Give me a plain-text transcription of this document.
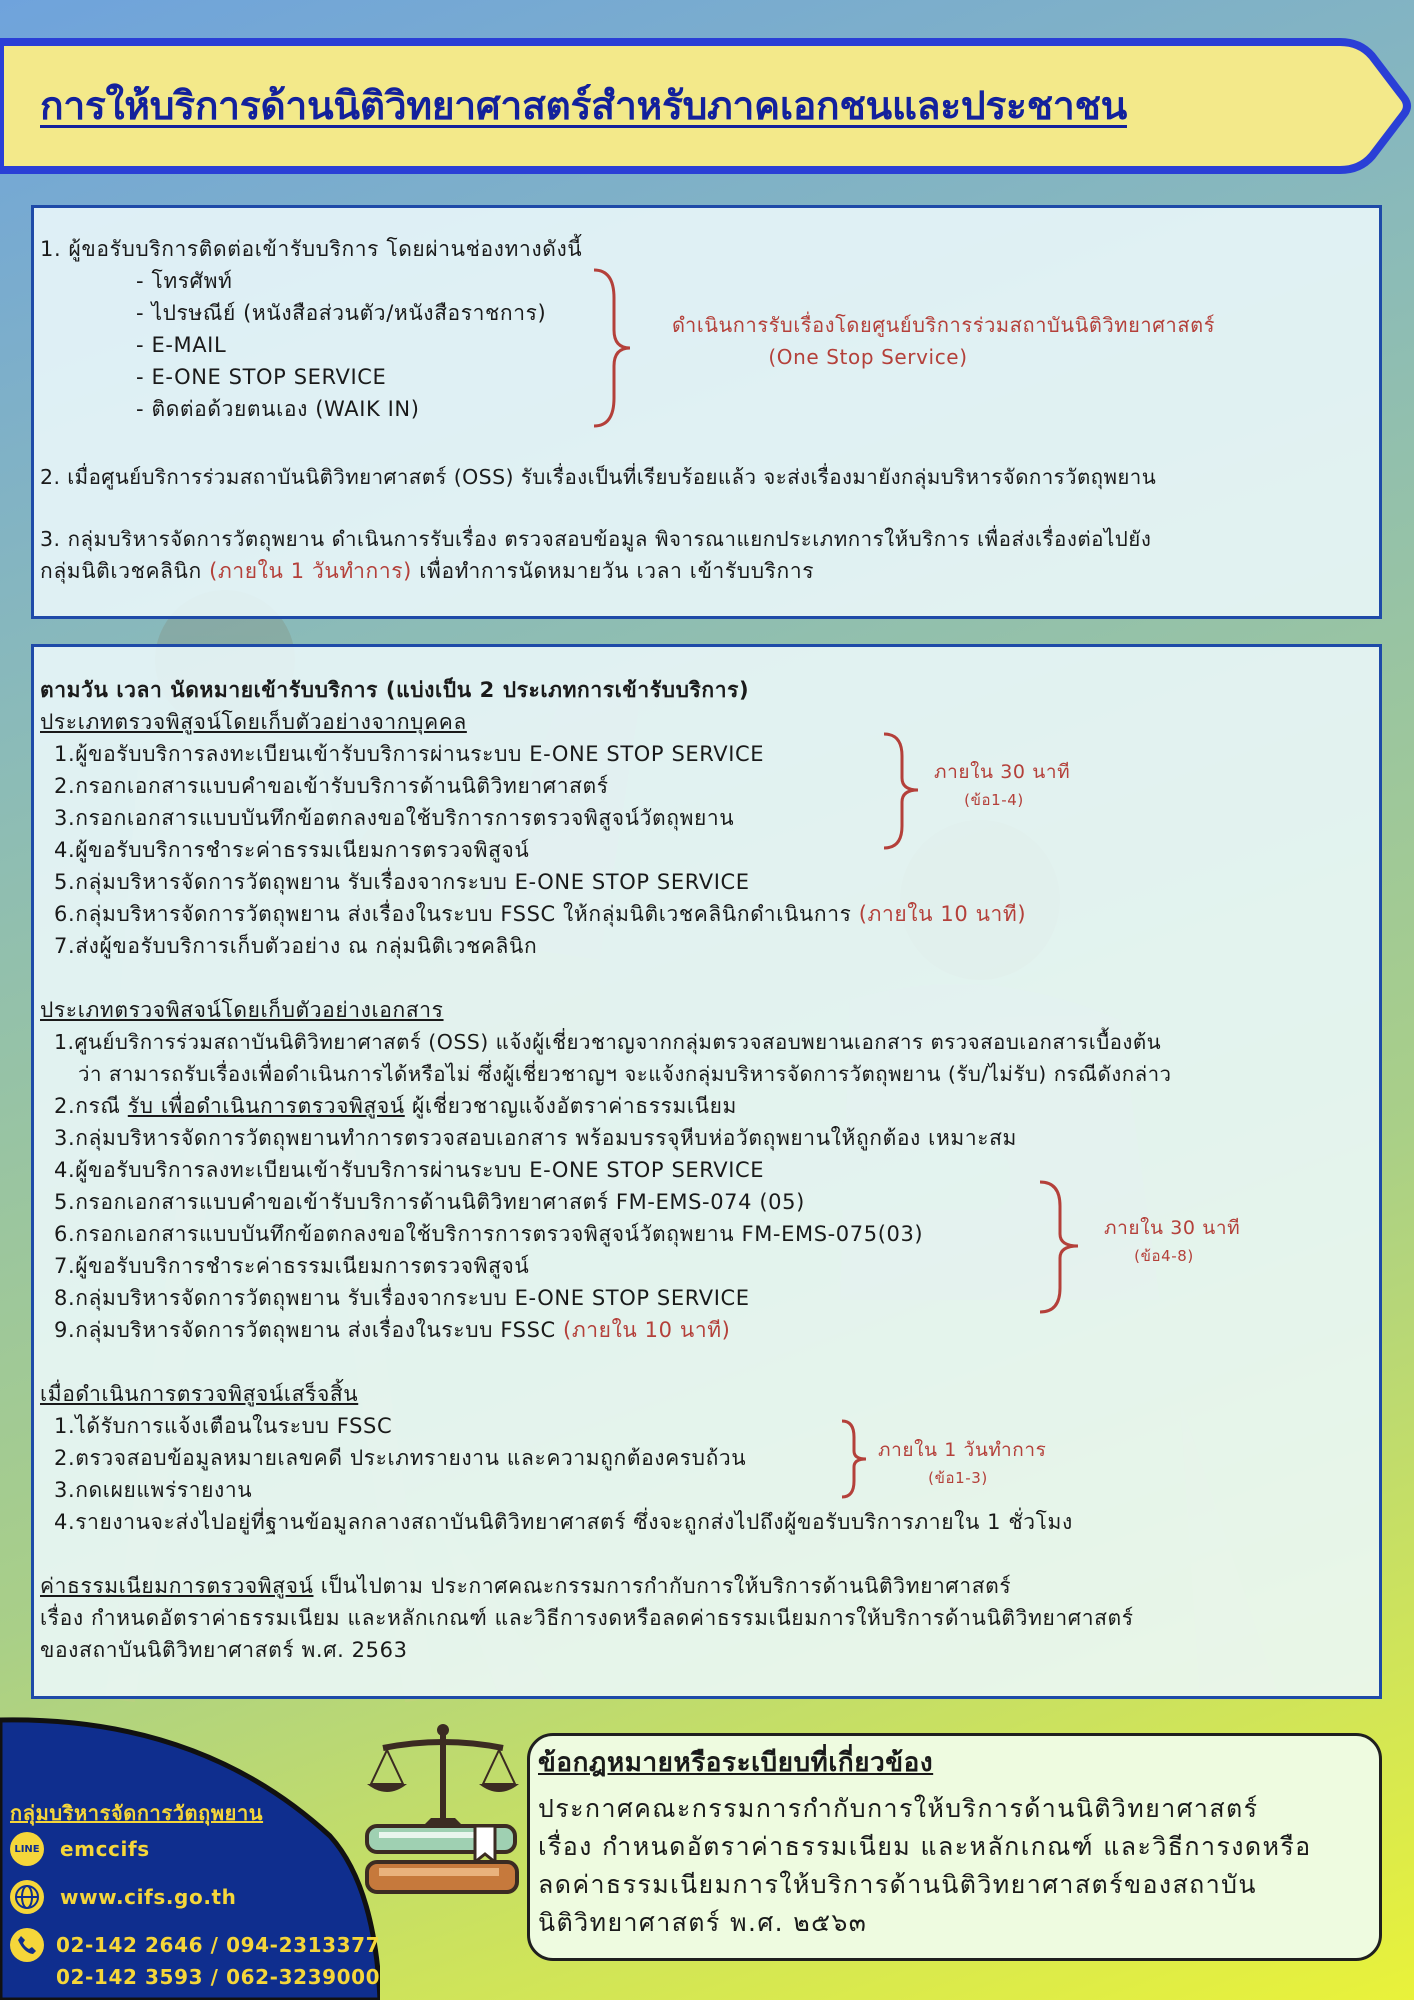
การให้บริการด้านนิติวิทยาศาสตร์สำหรับภาคเอกชนและประชาชน
1. ผู้ขอรับบริการติดต่อเข้ารับบริการ โดยผ่านช่องทางดังนี้
- โทรศัพท์
- ไปรษณีย์ (หนังสือส่วนตัว/หนังสือราชการ)
- E-MAIL
- E-ONE STOP SERVICE
- ติดต่อด้วยตนเอง (WAIK IN)
ดำเนินการรับเรื่องโดยศูนย์บริการร่วมสถาบันนิติวิทยาศาสตร์
(One Stop Service)
2. เมื่อศูนย์บริการร่วมสถาบันนิติวิทยาศาสตร์ (OSS) รับเรื่องเป็นที่เรียบร้อยแล้ว จะส่งเรื่องมายังกลุ่มบริหารจัดการวัตถุพยาน
3. กลุ่มบริหารจัดการวัตถุพยาน ดำเนินการรับเรื่อง ตรวจสอบข้อมูล พิจารณาแยกประเภทการให้บริการ เพื่อส่งเรื่องต่อไปยัง
กลุ่มนิติเวชคลินิก (ภายใน 1 วันทำการ) เพื่อทำการนัดหมายวัน เวลา เข้ารับบริการ
ตามวัน เวลา นัดหมายเข้ารับบริการ (แบ่งเป็น 2 ประเภทการเข้ารับบริการ)
ประเภทตรวจพิสูจน์โดยเก็บตัวอย่างจากบุคคล
1.ผู้ขอรับบริการลงทะเบียนเข้ารับบริการผ่านระบบ E-ONE STOP SERVICE
2.กรอกเอกสารแบบคำขอเข้ารับบริการด้านนิติวิทยาศาสตร์
3.กรอกเอกสารแบบบันทึกข้อตกลงขอใช้บริการการตรวจพิสูจน์วัตถุพยาน
4.ผู้ขอรับบริการชำระค่าธรรมเนียมการตรวจพิสูจน์
5.กลุ่มบริหารจัดการวัตถุพยาน รับเรื่องจากระบบ E-ONE STOP SERVICE
6.กลุ่มบริหารจัดการวัตถุพยาน ส่งเรื่องในระบบ FSSC ให้กลุ่มนิติเวชคลินิกดำเนินการ (ภายใน 10 นาที)
7.ส่งผู้ขอรับบริการเก็บตัวอย่าง ณ กลุ่มนิติเวชคลินิก
ภายใน 30 นาที
(ข้อ1-4)
ประเภทตรวจพิสจน์โดยเก็บตัวอย่างเอกสาร
1.ศูนย์บริการร่วมสถาบันนิติวิทยาศาสตร์ (OSS) แจ้งผู้เชี่ยวชาญจากกลุ่มตรวจสอบพยานเอกสาร ตรวจสอบเอกสารเบื้องต้น
ว่า สามารถรับเรื่องเพื่อดำเนินการได้หรือไม่ ซึ่งผู้เชี่ยวชาญฯ จะแจ้งกลุ่มบริหารจัดการวัตถุพยาน (รับ/ไม่รับ) กรณีดังกล่าว
2.กรณี รับ เพื่อดำเนินการตรวจพิสูจน์ ผู้เชี่ยวชาญแจ้งอัตราค่าธรรมเนียม
3.กลุ่มบริหารจัดการวัตถุพยานทำการตรวจสอบเอกสาร พร้อมบรรจุหีบห่อวัตถุพยานให้ถูกต้อง เหมาะสม
4.ผู้ขอรับบริการลงทะเบียนเข้ารับบริการผ่านระบบ E-ONE STOP SERVICE
5.กรอกเอกสารแบบคำขอเข้ารับบริการด้านนิติวิทยาศาสตร์ FM-EMS-074 (05)
6.กรอกเอกสารแบบบันทึกข้อตกลงขอใช้บริการการตรวจพิสูจน์วัตถุพยาน FM-EMS-075(03)
7.ผู้ขอรับบริการชำระค่าธรรมเนียมการตรวจพิสูจน์
8.กลุ่มบริหารจัดการวัตถุพยาน รับเรื่องจากระบบ E-ONE STOP SERVICE
9.กลุ่มบริหารจัดการวัตถุพยาน ส่งเรื่องในระบบ FSSC (ภายใน 10 นาที)
ภายใน 30 นาที
(ข้อ4-8)
เมื่อดำเนินการตรวจพิสูจน์เสร็จสิ้น
1.ได้รับการแจ้งเตือนในระบบ FSSC
2.ตรวจสอบข้อมูลหมายเลขคดี ประเภทรายงาน และความถูกต้องครบถ้วน
3.กดเผยแพร่รายงาน
4.รายงานจะส่งไปอยู่ที่ฐานข้อมูลกลางสถาบันนิติวิทยาศาสตร์ ซึ่งจะถูกส่งไปถึงผู้ขอรับบริการภายใน 1 ชั่วโมง
ภายใน 1 วันทำการ
(ข้อ1-3)
ค่าธรรมเนียมการตรวจพิสูจน์ เป็นไปตาม ประกาศคณะกรรมการกำกับการให้บริการด้านนิติวิทยาศาสตร์
เรื่อง กำหนดอัตราค่าธรรมเนียม และหลักเกณฑ์ และวิธีการงดหรือลดค่าธรรมเนียมการให้บริการด้านนิติวิทยาศาสตร์
ของสถาบันนิติวิทยาศาสตร์ พ.ศ. 2563
กลุ่มบริหารจัดการวัตถุพยาน
LINE emccifs
www.cifs.go.th
02-142 2646 / 094-2313377
02-142 3593 / 062-3239000
ข้อกฎหมายหรือระเบียบที่เกี่ยวข้อง
ประกาศคณะกรรมการกำกับการให้บริการด้านนิติวิทยาศาสตร์
เรื่อง กำหนดอัตราค่าธรรมเนียม และหลักเกณฑ์ และวิธีการงดหรือ
ลดค่าธรรมเนียมการให้บริการด้านนิติวิทยาศาสตร์ของสถาบัน
นิติวิทยาศาสตร์ พ.ศ. ๒๕๖๓
